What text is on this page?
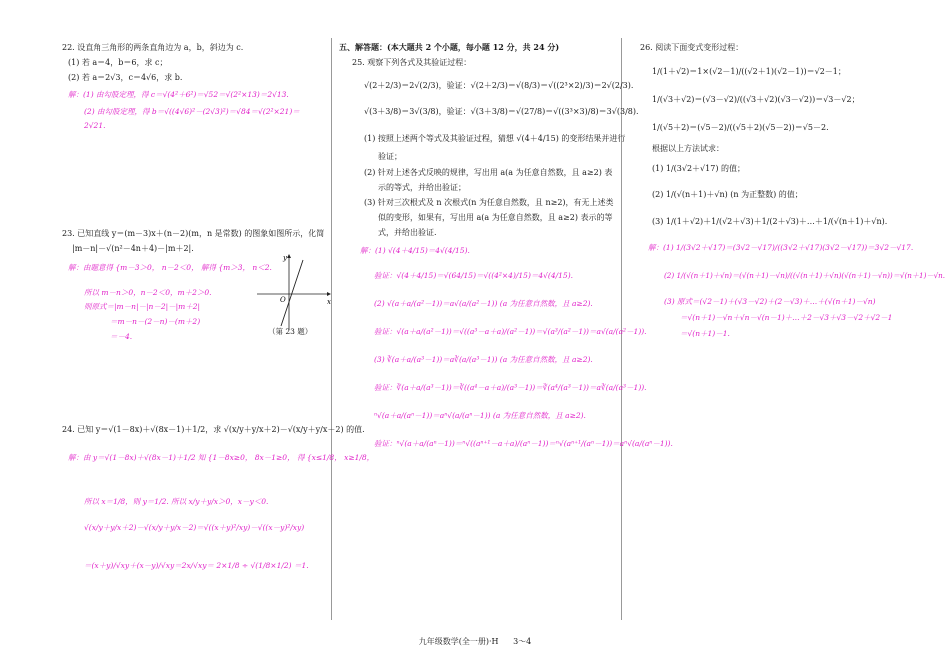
22. 设直角三角形的两条直角边为 a，b，斜边为 c.
(1) 若 a＝4，b＝6，求 c；
(2) 若 a＝2√3，c＝4√6，求 b.
解：(1) 由勾股定理，得 c＝√(4²＋6²)＝√52＝√(2²×13)＝2√13.
(2) 由勾股定理，得 b＝√((4√6)²－(2√3)²)＝√84＝√(2²×21)＝
2√21.
23. 已知直线 y＝(m－3)x＋(n－2)(m，n 是常数) 的图象如图所示，化简
|m－n|－√(n²－4n＋4)－|m＋2|.
解：由题意得 {m－3＞0， n－2＜0， 解得 {m＞3， n＜2.
所以 m－n＞0，n－2＜0，m＋2＞0.
则原式＝|m－n|－|n－2|－|m＋2|
＝m－n－(2－n)－(m＋2)
＝－4.
y
x
O
（第 23 题）
24. 已知 y＝√(1－8x)＋√(8x－1)＋1/2，求 √(x/y＋y/x＋2)－√(x/y＋y/x－2) 的值.
解：由 y＝√(1－8x)＋√(8x－1)＋1/2 知 {1－8x≥0， 8x－1≥0， 得 {x≤1/8， x≥1/8，
所以 x＝1/8，则 y＝1/2. 所以 x/y＋y/x＞0，x－y＜0.
√(x/y＋y/x＋2)－√(x/y＋y/x－2)＝√((x＋y)²/xy)－√((x－y)²/xy)
＝(x＋y)/√xy＋(x－y)/√xy＝2x/√xy＝ 2×1/8 ÷ √(1/8×1/2) ＝1.
五、解答题：(本大题共 2 个小题，每小题 12 分，共 24 分)
25. 观察下列各式及其验证过程：
√(2＋2/3)＝2√(2/3)，验证：√(2＋2/3)＝√(8/3)＝√((2³×2)/3)＝2√(2/3).
√(3＋3/8)＝3√(3/8)，验证：√(3＋3/8)＝√(27/8)＝√((3³×3)/8)＝3√(3/8).
(1) 按照上述两个等式及其验证过程，猜想 √(4＋4/15) 的变形结果并进行
验证；
(2) 针对上述各式反映的规律，写出用 a(a 为任意自然数，且 a≥2) 表
示的等式，并给出验证；
(3) 针对三次根式及 n 次根式(n 为任意自然数，且 n≥2)，有无上述类
似的变形，如果有，写出用 a(a 为任意自然数，且 a≥2) 表示的等
式，并给出验证.
解：(1) √(4＋4/15)＝4√(4/15).
验证：√(4＋4/15)＝√(64/15)＝√((4²×4)/15)＝4√(4/15).
(2) √(a＋a/(a²－1))＝a√(a/(a²－1)) (a 为任意自然数，且 a≥2).
验证：√(a＋a/(a²－1))＝√((a³－a＋a)/(a²－1))＝√(a³/(a²－1))＝a√(a/(a²－1)).
(3) ∛(a＋a/(a³－1))＝a∛(a/(a³－1)) (a 为任意自然数，且 a≥2).
验证：∛(a＋a/(a³－1))＝∛((a⁴－a＋a)/(a³－1))＝∛(a⁴/(a³－1))＝a∛(a/(a³－1)).
ⁿ√(a＋a/(aⁿ－1))＝aⁿ√(a/(aⁿ－1)) (a 为任意自然数，且 a≥2).
验证：ⁿ√(a＋a/(aⁿ－1))＝ⁿ√((aⁿ⁺¹－a＋a)/(aⁿ－1))＝ⁿ√(aⁿ⁺¹/(aⁿ－1))＝aⁿ√(a/(aⁿ－1)).
26. 阅读下面变式变形过程：
1/(1＋√2)＝1×(√2－1)/((√2＋1)(√2－1))＝√2－1；
1/(√3＋√2)＝(√3－√2)/((√3＋√2)(√3－√2))＝√3－√2；
1/(√5＋2)＝(√5－2)/((√5＋2)(√5－2))＝√5－2.
根据以上方法试求：
(1) 1/(3√2＋√17) 的值；
(2) 1/(√(n＋1)＋√n) (n 为正整数) 的值；
(3) 1/(1＋√2)＋1/(√2＋√3)＋1/(2＋√3)＋…＋1/(√(n＋1)＋√n).
解：(1) 1/(3√2＋√17)＝(3√2－√17)/((3√2＋√17)(3√2－√17))＝3√2－√17.
(2) 1/(√(n＋1)＋√n)＝(√(n＋1)－√n)/((√(n＋1)＋√n)(√(n＋1)－√n))＝√(n＋1)－√n.
(3) 原式＝(√2－1)＋(√3－√2)＋(2－√3)＋…＋(√(n＋1)－√n)
＝√(n＋1)－√n＋√n－√(n－1)＋…＋2－√3＋√3－√2＋√2－1
＝√(n＋1)－1.
九年级数学(全一册)·H 3～4
